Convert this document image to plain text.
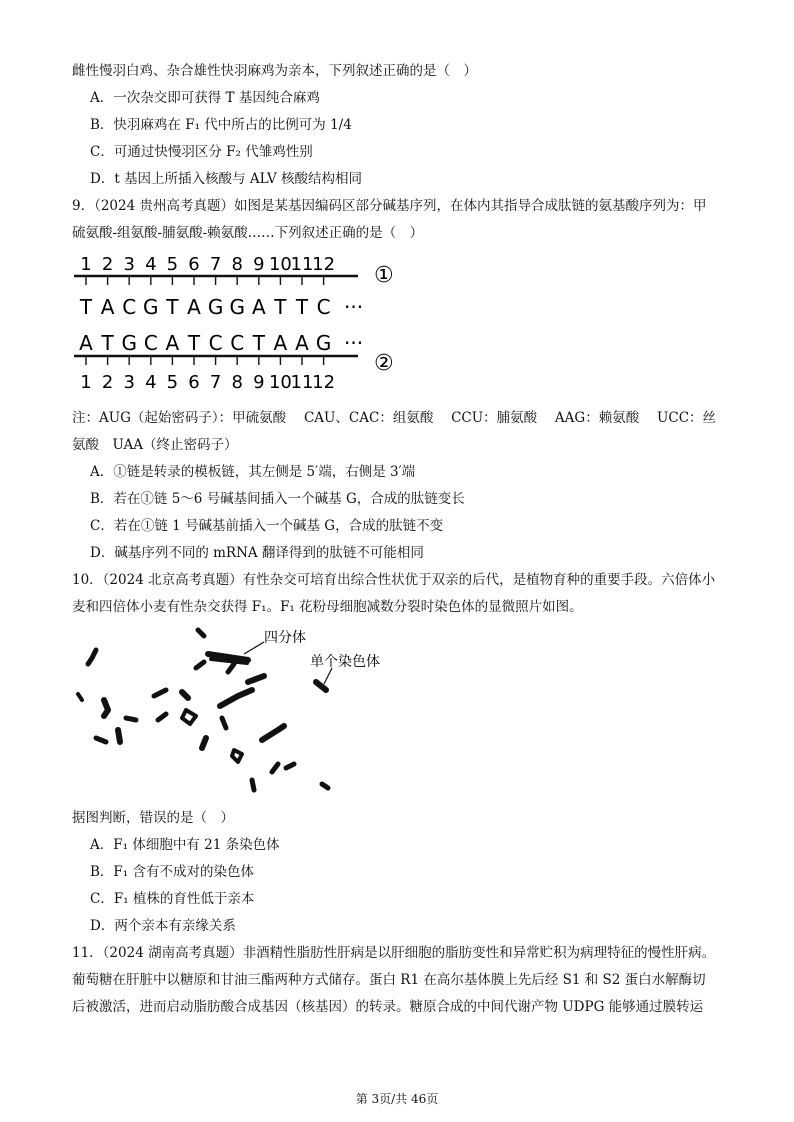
雌性慢羽白鸡、杂合雄性快羽麻鸡为亲本，下列叙述正确的是（　）
A．一次杂交即可获得 T 基因纯合麻鸡
B．快羽麻鸡在 F₁ 代中所占的比例可为 1/4
C．可通过快慢羽区分 F₂ 代雏鸡性别
D．t 基因上所插入核酸与 ALV 核酸结构相同
9．（2024 贵州高考真题）如图是某基因编码区部分碱基序列，在体内其指导合成肽链的氨基酸序列为：甲
硫氨酸-组氨酸-脯氨酸-赖氨酸……下列叙述正确的是（　）
1 2 3 4 5 6 7 8 9 10
11
12
T A C G T A G G A T T C ···
①
1 2 3 4 5 6 7 8 9 10
11
12
A T G C A T C C T A A G ···
②
注：AUG（起始密码子）：甲硫氨酸　 CAU、CAC：组氨酸　 CCU：脯氨酸　 AAG：赖氨酸　 UCC：丝
氨酸　UAA（终止密码子）
A．①链是转录的模板链，其左侧是 5′端，右侧是 3′端
B．若在①链 5～6 号碱基间插入一个碱基 G，合成的肽链变长
C．若在①链 1 号碱基前插入一个碱基 G，合成的肽链不变
D．碱基序列不同的 mRNA 翻译得到的肽链不可能相同
10．（2024 北京高考真题）有性杂交可培育出综合性状优于双亲的后代，是植物育种的重要手段。六倍体小
麦和四倍体小麦有性杂交获得 F₁。F₁ 花粉母细胞减数分裂时染色体的显微照片如图。
四分体
单个染色体
据图判断，错误的是（　）
A．F₁ 体细胞中有 21 条染色体
B．F₁ 含有不成对的染色体
C．F₁ 植株的育性低于亲本
D．两个亲本有亲缘关系
11．（2024 湖南高考真题）非酒精性脂肪性肝病是以肝细胞的脂肪变性和异常贮积为病理特征的慢性肝病。
葡萄糖在肝脏中以糖原和甘油三酯两种方式储存。蛋白 R1 在高尔基体膜上先后经 S1 和 S2 蛋白水解酶切
后被激活，进而启动脂肪酸合成基因（核基因）的转录。糖原合成的中间代谢产物 UDPG 能够通过膜转运
第 3页/共 46页
